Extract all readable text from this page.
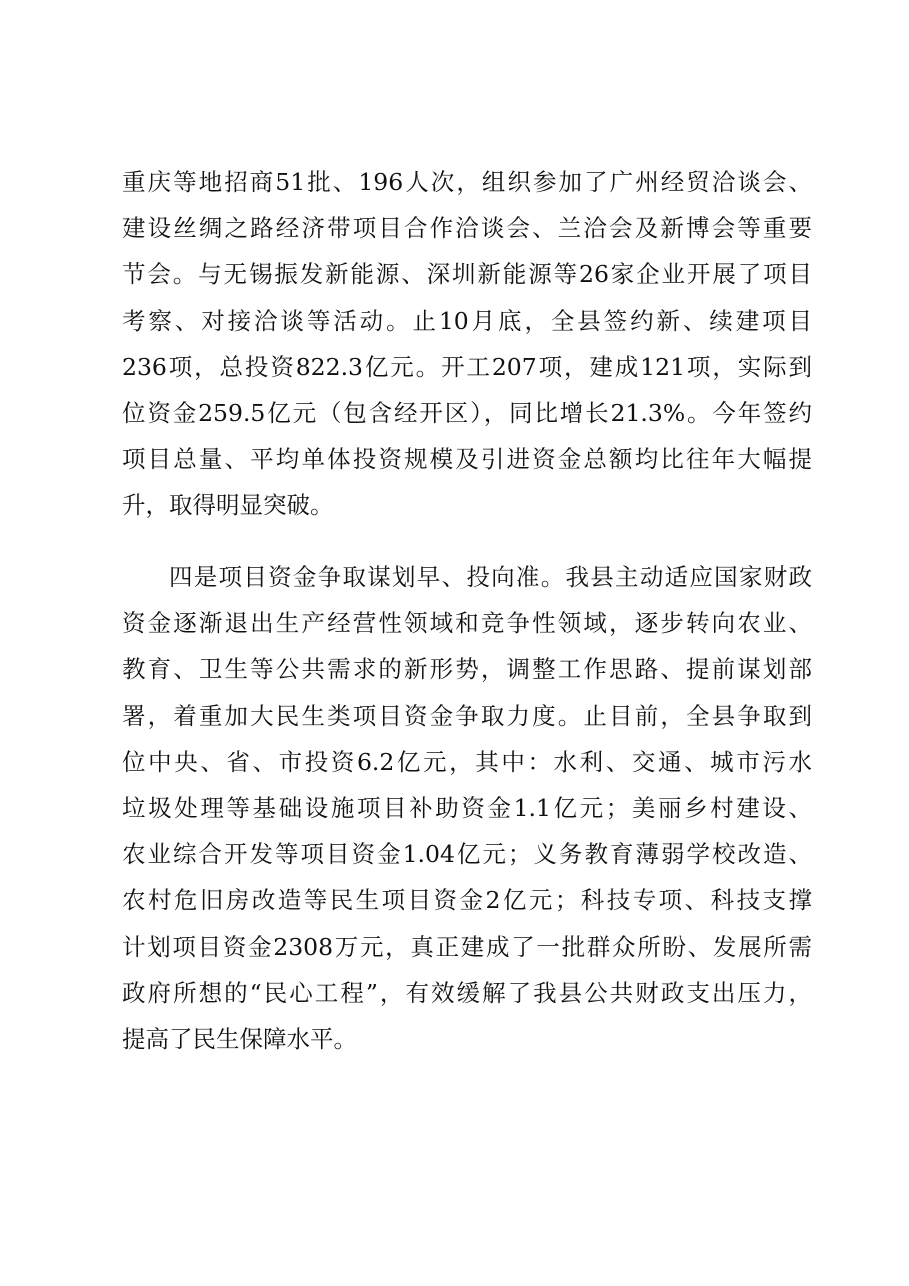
重庆等地招商51批、196人次，组织参加了广州经贸洽谈会、
建设丝绸之路经济带项目合作洽谈会、兰洽会及新博会等重要
节会。与无锡振发新能源、深圳新能源等26家企业开展了项目
考察、对接洽谈等活动。止10月底，全县签约新、续建项目
236项，总投资822.3亿元。开工207项，建成121项，实际到
位资金259.5亿元（包含经开区），同比增长21.3%。今年签约
项目总量、平均单体投资规模及引进资金总额均比往年大幅提
升，取得明显突破。
四是项目资金争取谋划早、投向准。我县主动适应国家财政
资金逐渐退出生产经营性领域和竞争性领域，逐步转向农业、
教育、卫生等公共需求的新形势，调整工作思路、提前谋划部
署，着重加大民生类项目资金争取力度。止目前，全县争取到
位中央、省、市投资6.2亿元，其中：水利、交通、城市污水
垃圾处理等基础设施项目补助资金1.1亿元；美丽乡村建设、
农业综合开发等项目资金1.04亿元；义务教育薄弱学校改造、
农村危旧房改造等民生项目资金2亿元；科技专项、科技支撑
计划项目资金2308万元，真正建成了一批群众所盼、发展所需
政府所想的“民心工程”，有效缓解了我县公共财政支出压力，
提高了民生保障水平。
